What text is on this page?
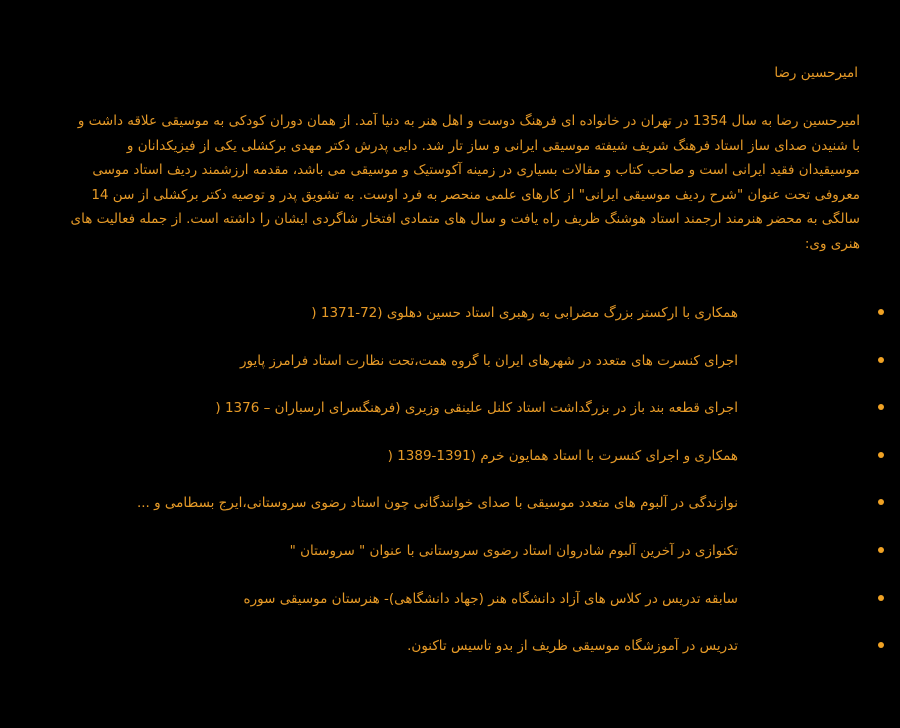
امیرحسین رضا
امیرحسین رضا به سال 1354 در تهران در خانواده ای فرهنگ دوست و اهل هنر به دنیا آمد. از همان دوران کودکی به موسیقی علاقه داشت و
با شنیدن صدای ساز استاد فرهنگ شریف شیفته موسیقی ایرانی و ساز تار شد. دایی پدرش دکتر مهدی برکشلی یکی از فیزیکدانان و
موسیقیدان فقید ایرانی است و صاحب کتاب و مقالات بسیاری در زمینه آکوستیک و موسیقی می باشد، مقدمه ارزشمند ردیف استاد موسی
معروفی تحت عنوان "شرح ردیف موسیقی ایرانی" از کارهای علمی منحصر به فرد اوست. به تشویق پدر و توصیه دکتر برکشلی از سن 14
سالگی به محضر هنرمند ارجمند استاد هوشنگ ظریف راه یافت و سال های متمادی افتخار شاگردی ایشان را داشته است. از جمله فعالیت های
هنری وی:
همکاری با ارکستر بزرگ مضرابی به رهبری استاد حسین دهلوی (72-1371 (
اجرای کنسرت های متعدد در شهرهای ایران با گروه همت،تحت نظارت استاد فرامرز پایور
اجرای قطعه بند باز در بزرگداشت استاد کلنل علینقی وزیری (فرهنگسرای ارسباران – 1376 (
همکاری و اجرای کنسرت با استاد همایون خرم (1391-1389 (
نوازندگی در آلبوم های متعدد موسیقی با صدای خوانندگانی چون استاد رضوی سروستانی،ایرج بسطامی و ...
تکنوازی در آخرین آلبوم شادروان استاد رضوی سروستانی با عنوان " سروستان "
سابقه تدریس در کلاس های آزاد دانشگاه هنر (جهاد دانشگاهی)- هنرستان موسیقی سوره
تدریس در آموزشگاه موسیقی ظریف از بدو تاسیس تاکنون.
